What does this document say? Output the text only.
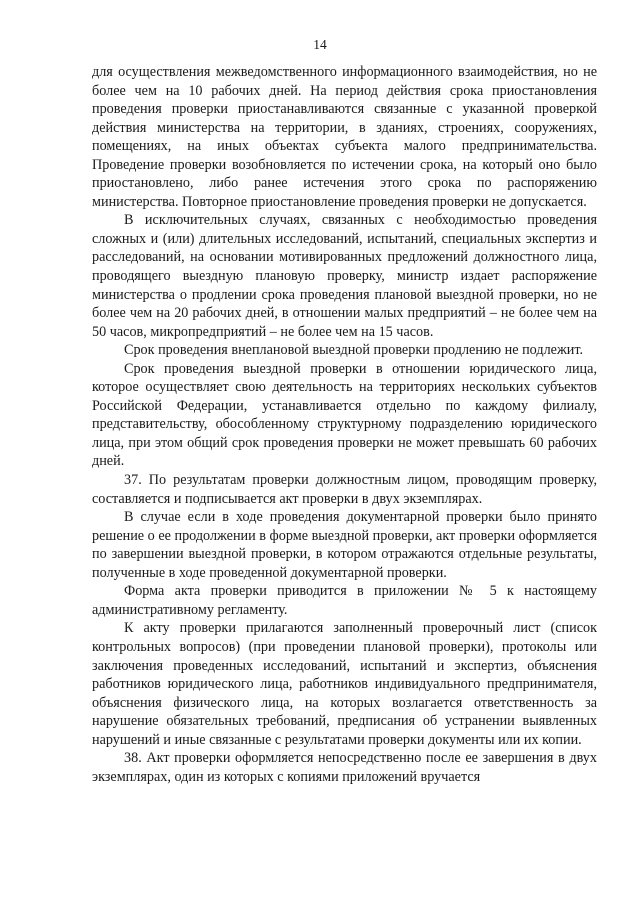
14

для осуществления межведомственного информационного взаимодействия, но не более чем на 10 рабочих дней. На период действия срока приостановления проведения проверки приостанавливаются связанные с указанной проверкой действия министерства на территории, в зданиях, строениях, сооружениях, помещениях, на иных объектах субъекта малого предпринимательства. Проведение проверки возобновляется по истечении срока, на который оно было приостановлено, либо ранее истечения этого срока по распоряжению министерства. Повторное приостановление проведения проверки не допускается.

В исключительных случаях, связанных с необходимостью проведения сложных и (или) длительных исследований, испытаний, специальных экспертиз и расследований, на основании мотивированных предложений должностного лица, проводящего выездную плановую проверку, министр издает распоряжение министерства о продлении срока проведения плановой выездной проверки, но не более чем на 20 рабочих дней, в отношении малых предприятий – не более чем на 50 часов, микропредприятий – не более чем на 15 часов.

Срок проведения внеплановой выездной проверки продлению не подлежит.

Срок проведения выездной проверки в отношении юридического лица, которое осуществляет свою деятельность на территориях нескольких субъектов Российской Федерации, устанавливается отдельно по каждому филиалу, представительству, обособленному структурному подразделению юридического лица, при этом общий срок проведения проверки не может превышать 60 рабочих дней.

37. По результатам проверки должностным лицом, проводящим проверку, составляется и подписывается акт проверки в двух экземплярах.

В случае если в ходе проведения документарной проверки было принято решение о ее продолжении в форме выездной проверки, акт проверки оформляется по завершении выездной проверки, в котором отражаются отдельные результаты, полученные в ходе проведенной документарной проверки.

Форма акта проверки приводится в приложении № 5 к настоящему административному регламенту.

К акту проверки прилагаются заполненный проверочный лист (список контрольных вопросов) (при проведении плановой проверки), протоколы или заключения проведенных исследований, испытаний и экспертиз, объяснения работников юридического лица, работников индивидуального предпринимателя, объяснения физического лица, на которых возлагается ответственность за нарушение обязательных требований, предписания об устранении выявленных нарушений и иные связанные с результатами проверки документы или их копии.

38. Акт проверки оформляется непосредственно после ее завершения в двух экземплярах, один из которых с копиями приложений вручается
